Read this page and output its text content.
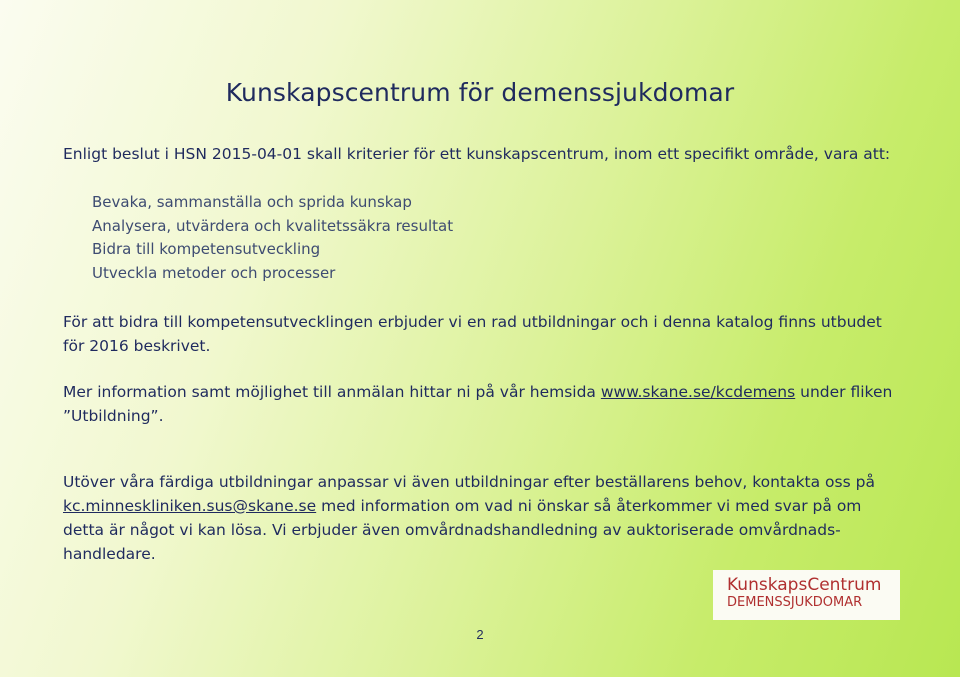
Kunskapscentrum för demenssjukdomar
Enligt beslut i HSN 2015-04-01 skall kriterier för ett kunskapscentrum, inom ett specifikt område, vara att:
Bevaka, sammanställa och sprida kunskap
Analysera, utvärdera och kvalitetssäkra resultat
Bidra till kompetensutveckling
Utveckla metoder och processer
För att bidra till kompetensutvecklingen erbjuder vi en rad utbildningar och i denna katalog finns utbudet för 2016 beskrivet.
Mer information samt möjlighet till anmälan hittar ni på vår hemsida www.skane.se/kcdemens under fliken ”Utbildning”.
Utöver våra färdiga utbildningar anpassar vi även utbildningar efter beställarens behov, kontakta oss på kc.minneskliniken.sus@skane.se med information om vad ni önskar så återkommer vi med svar på om detta är något vi kan lösa. Vi erbjuder även omvårdnadshandledning av auktoriserade omvårdnads-handledare.
KunskapsCentrum
DEMENSSJUKDOMAR
2
